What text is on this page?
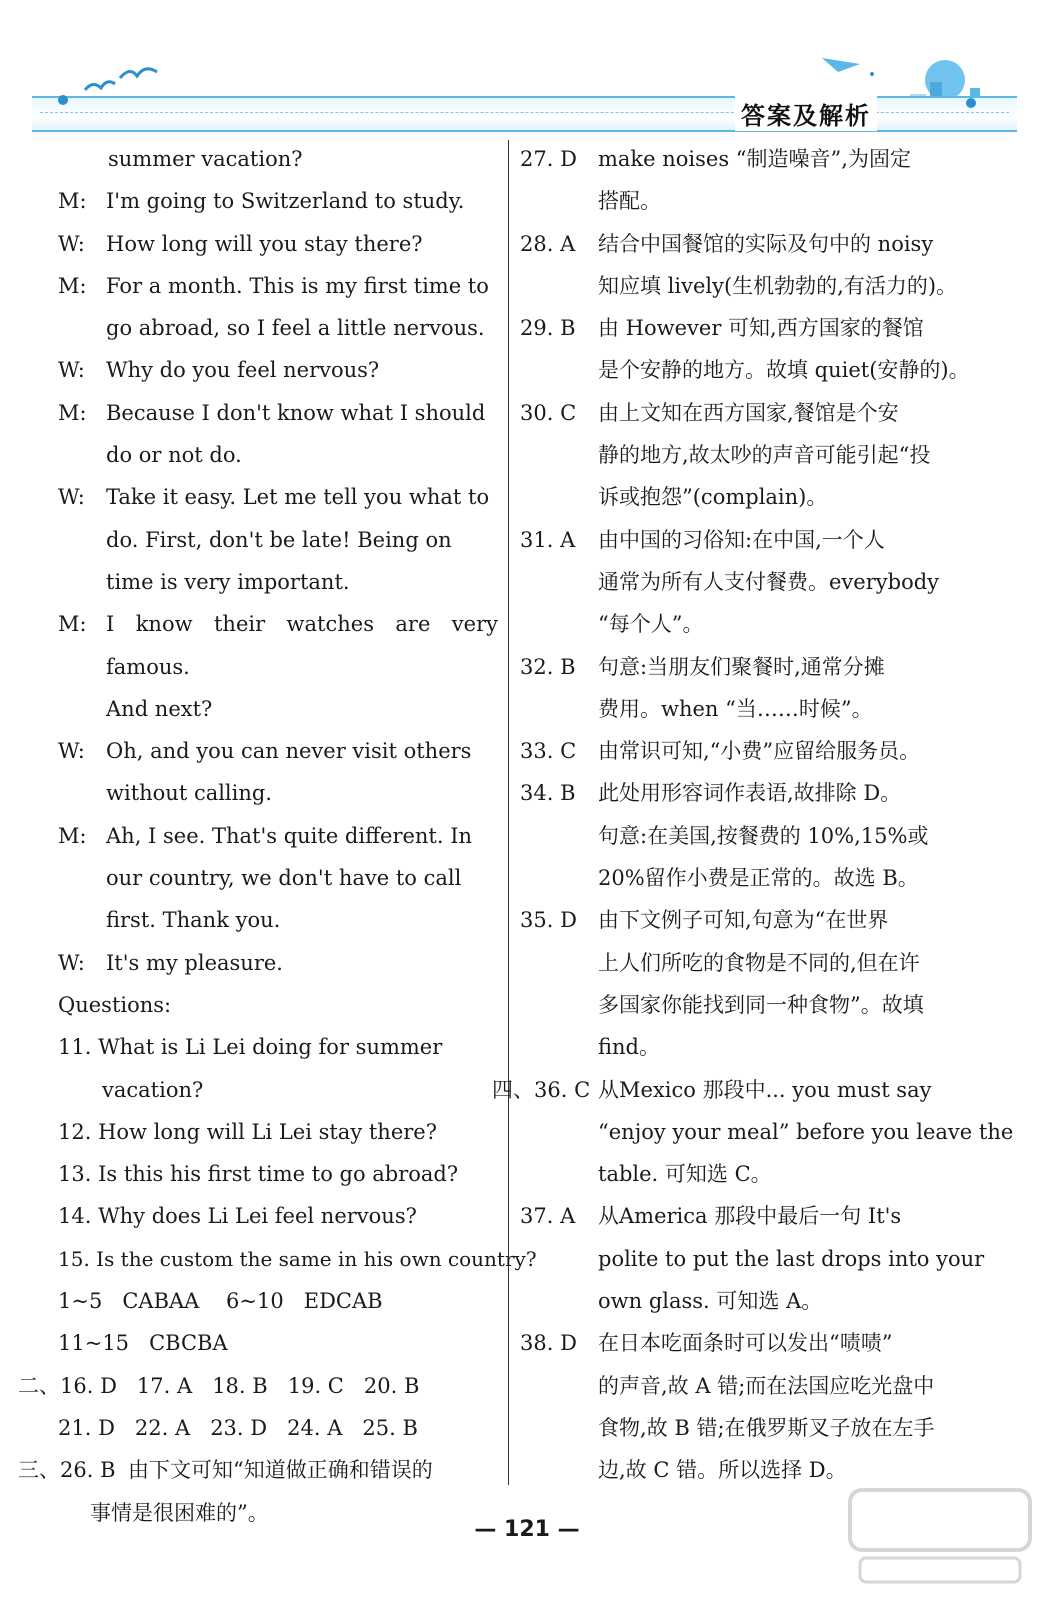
答案及解析
summer vacation?
M: I'm going to Switzerland to study.
W:	How long will you stay there?
M: For a month. This is my first time to
go abroad, so I feel a little nervous.
W:	Why do you feel nervous?
M: Because I don't know what I should
do or not do.
W:	Take it easy. Let me tell you what to
do. First, don't be late! Being on
time is very important.
M: I know their watches are very famous.
And next?
W:	Oh, and you can never visit others
without calling.
M: Ah, I see. That's quite different. In
our country, we don't have to call
first. Thank you.
W:	It's my pleasure.
Questions:
11. What is Li Lei doing for summer
vacation?
12. How long will Li Lei stay there?
13. Is this his first time to go abroad?
14. Why does Li Lei feel nervous?
15. Is the custom the same in his own country?
1~5   CABAA    6~10   EDCAB
11~15   CBCBA
二、16. D   17. A   18. B   19. C   20. B
21. D   22. A   23. D   24. A   25. B
三、26. B 由下文可知“知道做正确和错误的
事情是很困难的”。
27. D	make noises “制造噪音”,为固定
搭配。
28. A	结合中国餐馆的实际及句中的 noisy
知应填 lively(生机勃勃的,有活力的)。
29. B	由 However 可知,西方国家的餐馆
是个安静的地方。故填 quiet(安静的)。
30. C	由上文知在西方国家,餐馆是个安
静的地方,故太吵的声音可能引起“投
诉或抱怨”(complain)。
31. A	由中国的习俗知:在中国,一个人
通常为所有人支付餐费。everybody
“每个人”。
32. B	句意:当朋友们聚餐时,通常分摊
费用。when “当……时候”。
33. C	由常识可知,“小费”应留给服务员。
34. B	此处用形容词作表语,故排除 D。
句意:在美国,按餐费的 10%,15%或
20%留作小费是正常的。故选 B。
35. D	由下文例子可知,句意为“在世界
上人们所吃的食物是不同的,但在许
多国家你能找到同一种食物”。故填
find。
四、36. C 从Mexico 那段中... you must say
“enjoy your meal” before you leave the
table. 可知选 C。
37. A	从America 那段中最后一句 It's
polite to put the last drops into your
own glass. 可知选 A。
38. D	在日本吃面条时可以发出“啧啧”
的声音,故 A 错;而在法国应吃光盘中
食物,故 B 错;在俄罗斯叉子放在左手
边,故 C 错。所以选择 D。
— 121 —
